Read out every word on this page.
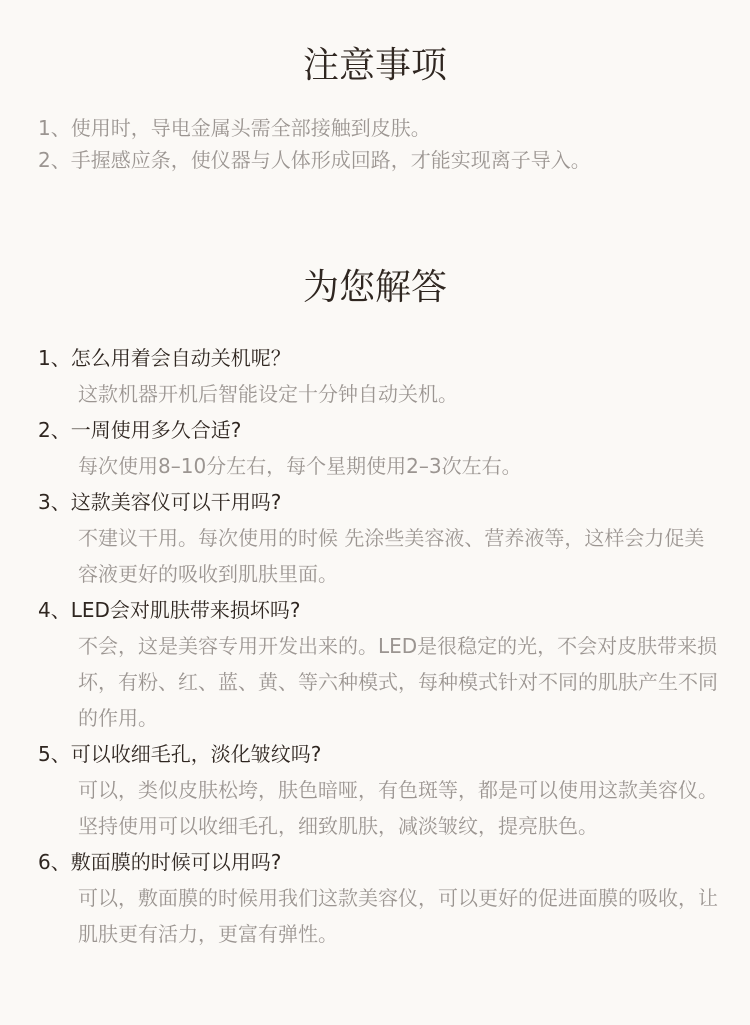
注意事项
1、使用时，导电金属头需全部接触到皮肤。
2、手握感应条，使仪器与人体形成回路，才能实现离子导入。
为您解答
1、怎么用着会自动关机呢？
这款机器开机后智能设定十分钟自动关机。
2、一周使用多久合适?
每次使用8–10分左右，每个星期使用2–3次左右。
3、这款美容仪可以干用吗?
不建议干用。每次使用的时候 先涂些美容液、营养液等，这样会力促美容液更好的吸收到肌肤里面。
4、LED会对肌肤带来损坏吗?
不会，这是美容专用开发出来的。LED是很稳定的光，不会对皮肤带来损坏，有粉、红、蓝、黄、等六种模式，每种模式针对不同的肌肤产生不同的作用。
5、可以收细毛孔，淡化皱纹吗?
可以，类似皮肤松垮，肤色暗哑，有色斑等，都是可以使用这款美容仪。坚持使用可以收细毛孔，细致肌肤，减淡皱纹，提亮肤色。
6、敷面膜的时候可以用吗?
可以，敷面膜的时候用我们这款美容仪，可以更好的促进面膜的吸收，让肌肤更有活力，更富有弹性。
